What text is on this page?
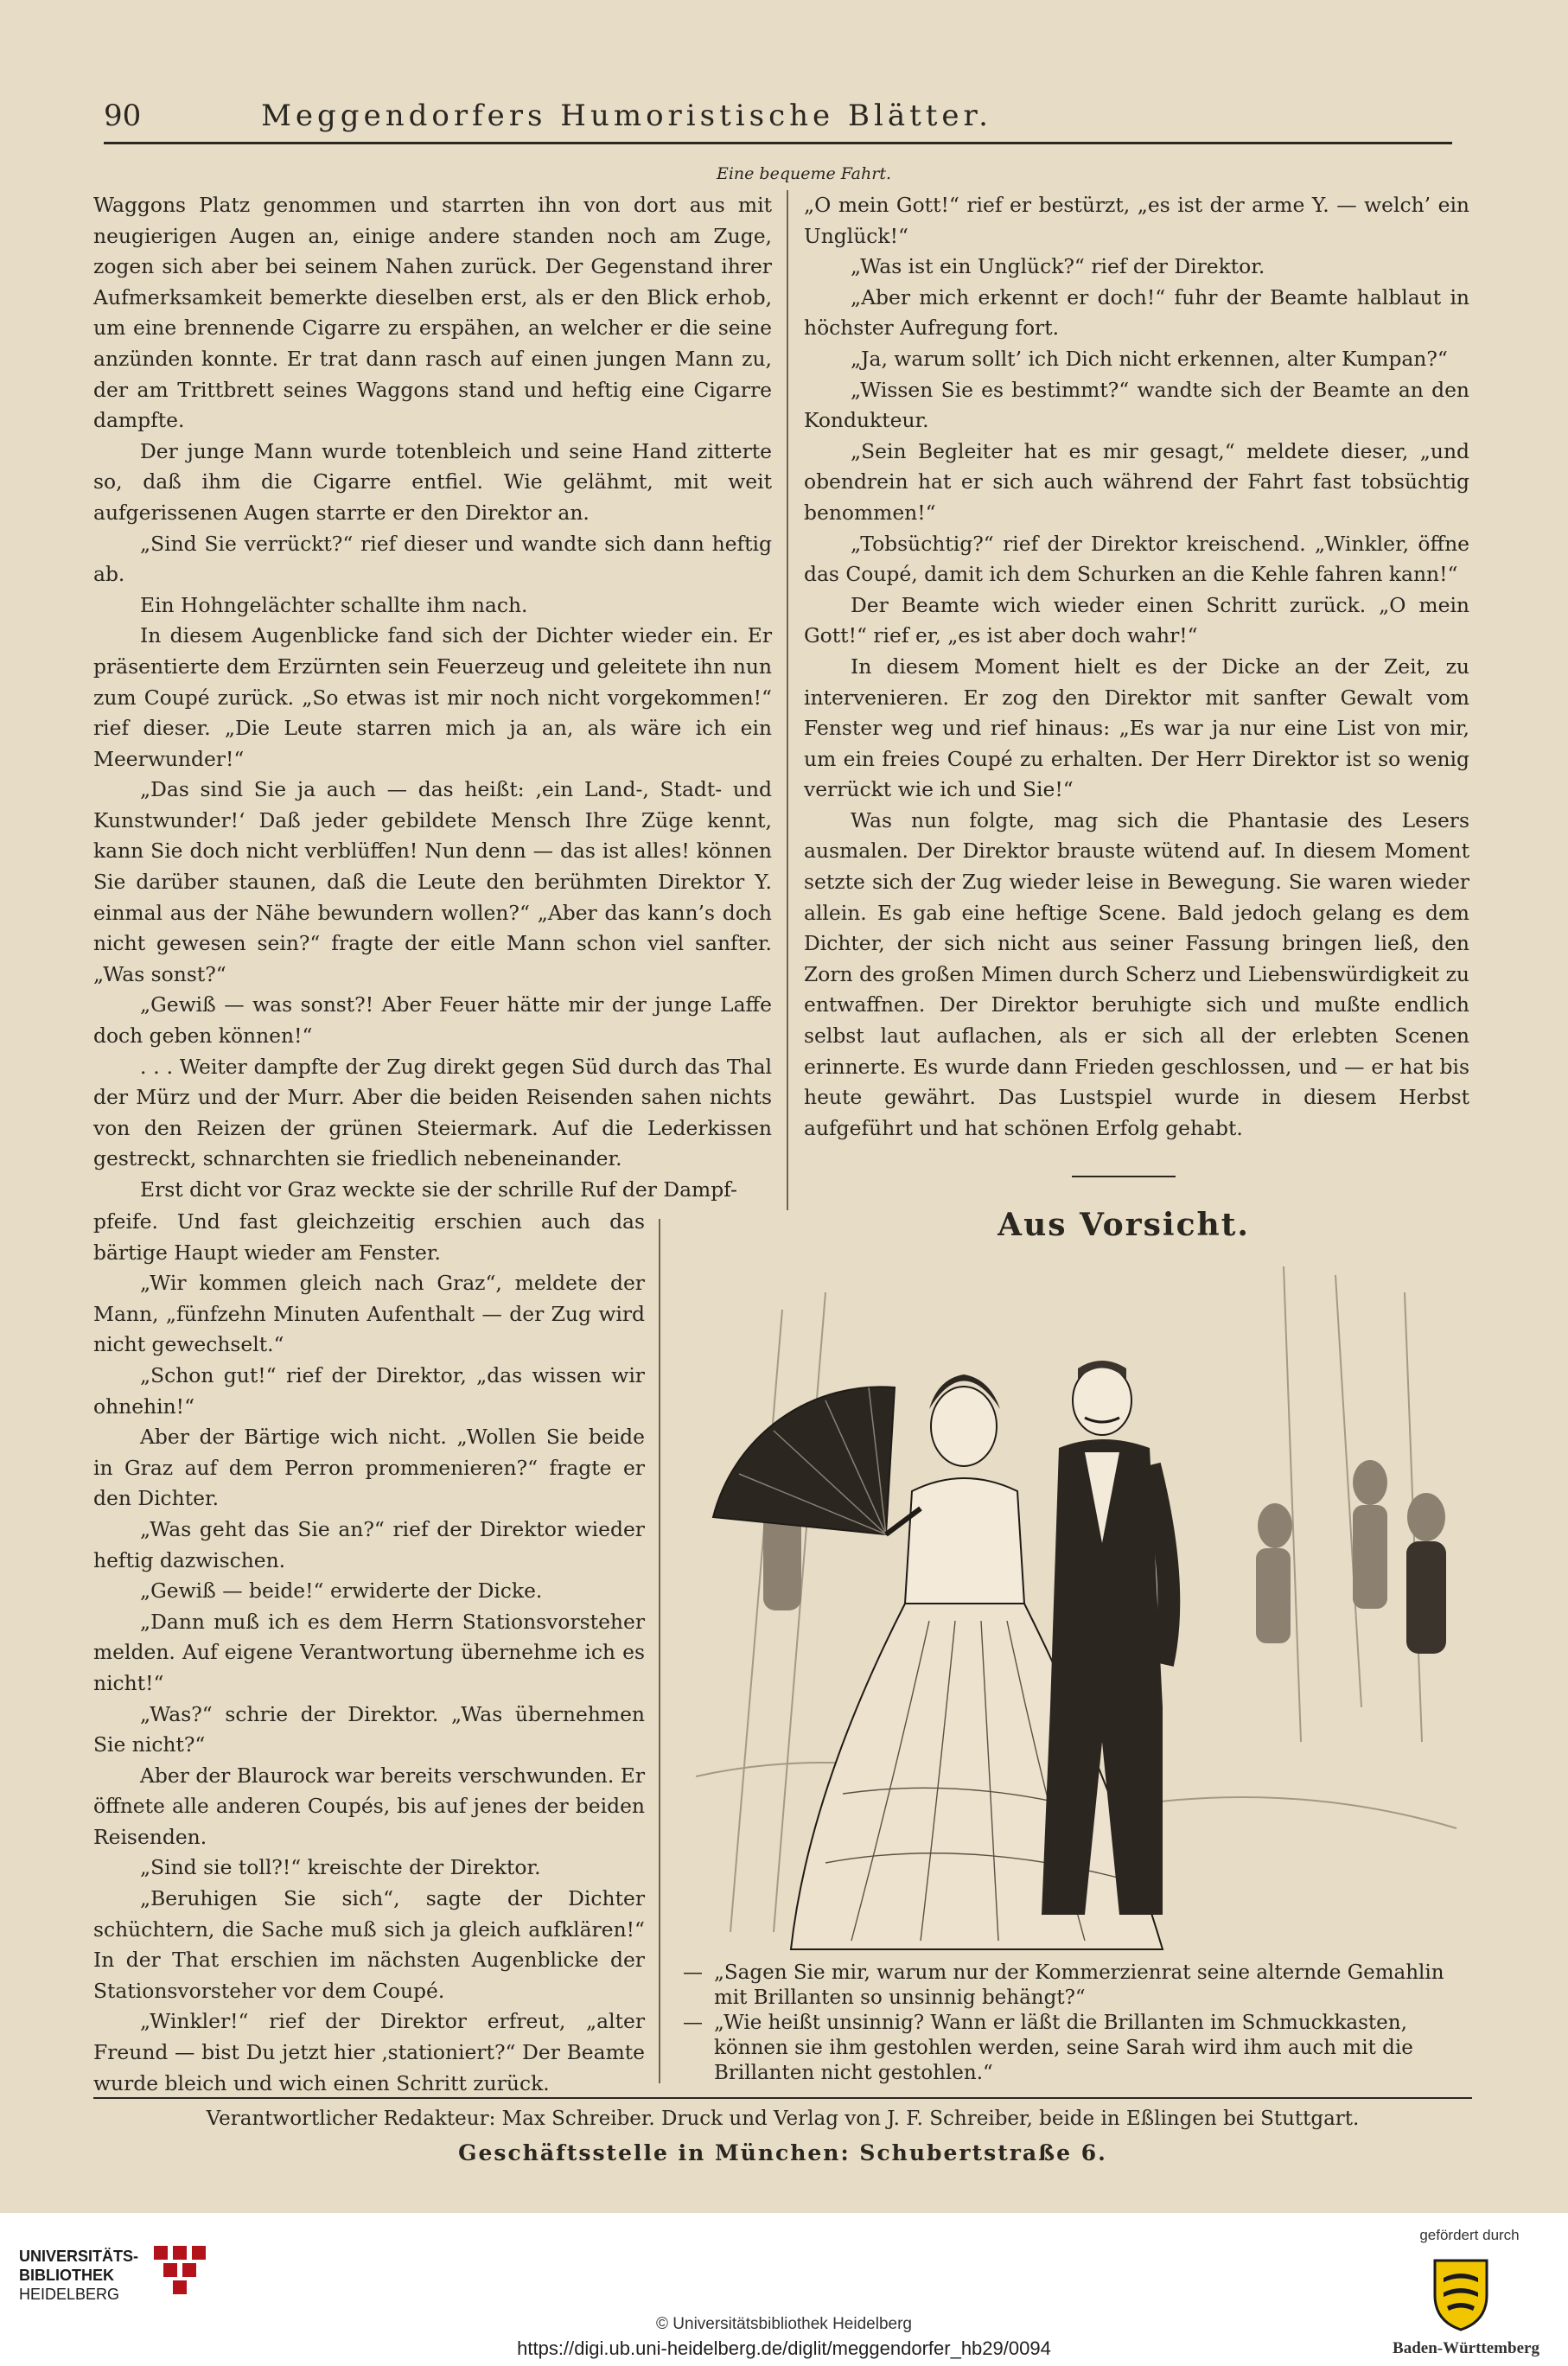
90	Meggendorfers Humoristische Blätter.
Eine bequeme Fahrt.

Waggons Platz genommen und starrten ihn von dort aus mit neugierigen Augen an, einige andere standen noch am Zuge, zogen sich aber bei seinem Nahen zurück. Der Gegenstand ihrer Aufmerksamkeit bemerkte dieselben erst, als er den Blick erhob, um eine brennende Cigarre zu erspähen, an welcher er die seine anzünden konnte. Er trat dann rasch auf einen jungen Mann zu, der am Trittbrett seines Waggons stand und heftig eine Cigarre dampfte.

Der junge Mann wurde totenbleich und seine Hand zitterte so, daß ihm die Cigarre entfiel. Wie gelähmt, mit weit aufgerissenen Augen starrte er den Direktor an.

„Sind Sie verrückt?“ rief dieser und wandte sich dann heftig ab.

Ein Hohngelächter schallte ihm nach.

In diesem Augenblicke fand sich der Dichter wieder ein. Er präsentierte dem Erzürnten sein Feuerzeug und geleitete ihn nun zum Coupé zurück. „So etwas ist mir noch nicht vorgekommen!“ rief dieser. „Die Leute starren mich ja an, als wäre ich ein Meerwunder!“

„Das sind Sie ja auch — das heißt: ‚ein Land-, Stadt- und Kunstwunder!‘ Daß jeder gebildete Mensch Ihre Züge kennt, kann Sie doch nicht verblüffen! Nun denn — das ist alles! können Sie darüber staunen, daß die Leute den berühmten Direktor Y. einmal aus der Nähe bewundern wollen?“ „Aber das kann’s doch nicht gewesen sein?“ fragte der eitle Mann schon viel sanfter. „Was sonst?“

„Gewiß — was sonst?! Aber Feuer hätte mir der junge Laffe doch geben können!“

. . . Weiter dampfte der Zug direkt gegen Süd durch das Thal der Mürz und der Murr. Aber die beiden Reisenden sahen nichts von den Reizen der grünen Steiermark. Auf die Lederkissen gestreckt, schnarchten sie friedlich nebeneinander.

Erst dicht vor Graz weckte sie der schrille Ruf der Dampf-

pfeife. Und fast gleichzeitig erschien auch das bärtige Haupt wieder am Fenster.

„Wir kommen gleich nach Graz“, meldete der Mann, „fünfzehn Minuten Aufenthalt — der Zug wird nicht gewechselt.“

„Schon gut!“ rief der Direktor, „das wissen wir ohnehin!“

Aber der Bärtige wich nicht. „Wollen Sie beide in Graz auf dem Perron prommenieren?“ fragte er den Dichter.

„Was geht das Sie an?“ rief der Direktor wieder heftig dazwischen.

„Gewiß — beide!“ erwiderte der Dicke.

„Dann muß ich es dem Herrn Stationsvorsteher melden. Auf eigene Verantwortung übernehme ich es nicht!“

„Was?“ schrie der Direktor. „Was übernehmen Sie nicht?“

Aber der Blaurock war bereits verschwunden. Er öffnete alle anderen Coupés, bis auf jenes der beiden Reisenden.

„Sind sie toll?!“ kreischte der Direktor.

„Beruhigen Sie sich“, sagte der Dichter schüchtern, die Sache muß sich ja gleich aufklären!“ In der That erschien im nächsten Augenblicke der Stationsvorsteher vor dem Coupé.

„Winkler!“ rief der Direktor erfreut, „alter Freund — bist Du jetzt hier ‚stationiert?“ Der Beamte wurde bleich und wich einen Schritt zurück.

„O mein Gott!“ rief er bestürzt, „es ist der arme Y. — welch’ ein Unglück!“

„Was ist ein Unglück?“ rief der Direktor.

„Aber mich erkennt er doch!“ fuhr der Beamte halblaut in höchster Aufregung fort.

„Ja, warum sollt’ ich Dich nicht erkennen, alter Kumpan?“

„Wissen Sie es bestimmt?“ wandte sich der Beamte an den Kondukteur.

„Sein Begleiter hat es mir gesagt,“ meldete dieser, „und obendrein hat er sich auch während der Fahrt fast tobsüchtig benommen!“

„Tobsüchtig?“ rief der Direktor kreischend. „Winkler, öffne das Coupé, damit ich dem Schurken an die Kehle fahren kann!“

Der Beamte wich wieder einen Schritt zurück. „O mein Gott!“ rief er, „es ist aber doch wahr!“

In diesem Moment hielt es der Dicke an der Zeit, zu intervenieren. Er zog den Direktor mit sanfter Gewalt vom Fenster weg und rief hinaus: „Es war ja nur eine List von mir, um ein freies Coupé zu erhalten. Der Herr Direktor ist so wenig verrückt wie ich und Sie!“

Was nun folgte, mag sich die Phantasie des Lesers ausmalen. Der Direktor brauste wütend auf. In diesem Moment setzte sich der Zug wieder leise in Bewegung. Sie waren wieder allein. Es gab eine heftige Scene. Bald jedoch gelang es dem Dichter, der sich nicht aus seiner Fassung bringen ließ, den Zorn des großen Mimen durch Scherz und Liebenswürdigkeit zu entwaffnen. Der Direktor beruhigte sich und mußte endlich selbst laut auflachen, als er sich all der erlebten Scenen erinnerte. Es wurde dann Frieden geschlossen, und — er hat bis heute gewährt. Das Lustspiel wurde in diesem Herbst aufgeführt und hat schönen Erfolg gehabt.

Aus Vorsicht.
— „Sagen Sie mir, warum nur der Kommerzienrat seine alternde Gemahlin mit Brillanten so unsinnig behängt?“
— „Wie heißt unsinnig? Wann er läßt die Brillanten im Schmuckkasten, können sie ihm gestohlen werden, seine Sarah wird ihm auch mit die Brillanten nicht gestohlen.“
Verantwortlicher Redakteur: Max Schreiber. Druck und Verlag von J. F. Schreiber, beide in Eßlingen bei Stuttgart.
Geschäftsstelle in München: Schubertstraße 6.
UNIVERSITÄTS-
BIBLIOTHEK
HEIDELBERG
© Universitätsbibliothek Heidelberg
https://digi.ub.uni-heidelberg.de/diglit/meggendorfer_hb29/0094
gefördert durch
Baden-Württemberg
